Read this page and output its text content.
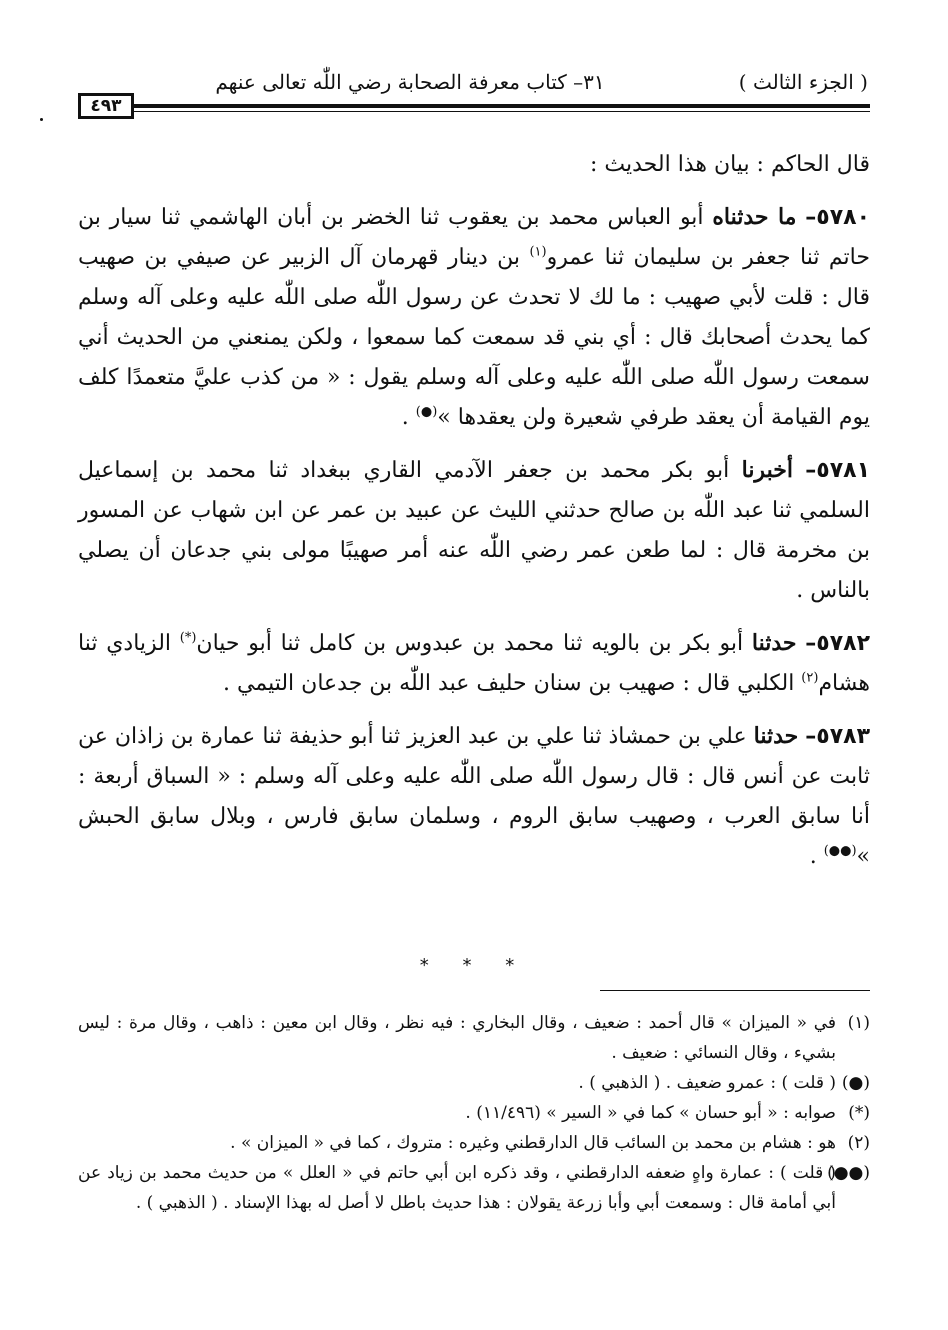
( الجزء الثالث )
٣١– كتاب معرفة الصحابة رضي اللّٰه تعالى عنهم
٤٩٣

قال الحاكم : بيان هذا الحديث :

٥٧٨٠– ما حدثناه أبو العباس محمد بن يعقوب ثنا الخضر بن أبان الهاشمي ثنا سيار بن حاتم ثنا جعفر بن سليمان ثنا عمرو$^{(١)}$ بن دينار قهرمان آل الزبير عن صيفي بن صهيب قال : قلت لأبي صهيب : ما لك لا تحدث عن رسول اللّٰه صلى اللّٰه عليه وعلى آله وسلم كما يحدث أصحابك قال : أي بني قد سمعت كما سمعوا ، ولكن يمنعني من الحديث أني سمعت رسول اللّٰه صلى اللّٰه عليه وعلى آله وسلم يقول : « من كذب عليَّ متعمدًا كلف يوم القيامة أن يعقد طرفي شعيرة ولن يعقدها »(●) .

٥٧٨١– أخبرنا أبو بكر محمد بن جعفر الآدمي القاري ببغداد ثنا محمد بن إسماعيل السلمي ثنا عبد اللّٰه بن صالح حدثني الليث عن عبيد بن عمر عن ابن شهاب عن المسور بن مخرمة قال : لما طعن عمر رضي اللّٰه عنه أمر صهيبًا مولى بني جدعان أن يصلي بالناس .

٥٧٨٢– حدثنا أبو بكر بن بالويه ثنا محمد بن عبدوس بن كامل ثنا أبو حيان(*) الزيادي ثنا هشام$^{(٢)}$ الكلبي قال : صهيب بن سنان حليف عبد اللّٰه بن جدعان التيمي .

٥٧٨٣– حدثنا علي بن حمشاذ ثنا علي بن عبد العزيز ثنا أبو حذيفة ثنا عمارة بن زاذان عن ثابت عن أنس قال : قال رسول اللّٰه صلى اللّٰه عليه وعلى آله وسلم : « السباق أربعة : أنا سابق العرب ، وصهيب سابق الروم ، وسلمان سابق فارس ، وبلال سابق الحبش »(●●) .

* * *
(١)
في « الميزان » قال أحمد : ضعيف ، وقال البخاري : فيه نظر ، وقال ابن معين : ذاهب ، وقال مرة : ليس بشيء ، وقال النسائي : ضعيف .
(●)
( قلت ) : عمرو ضعيف . ( الذهبي ) .
(*)
صوابه : « أبو حسان » كما في « السير » (١١/٤٩٦) .
(٢)
هو : هشام بن محمد بن السائب قال الدارقطني وغيره : متروك ، كما في « الميزان » .
(●●)
( قلت ) : عمارة واهٍ ضعفه الدارقطني ، وقد ذكره ابن أبي حاتم في « العلل » من حديث محمد بن زياد عن أبي أمامة قال : وسمعت أبي وأبا زرعة يقولان : هذا حديث باطل لا أصل له بهذا الإسناد . ( الذهبي ) .
